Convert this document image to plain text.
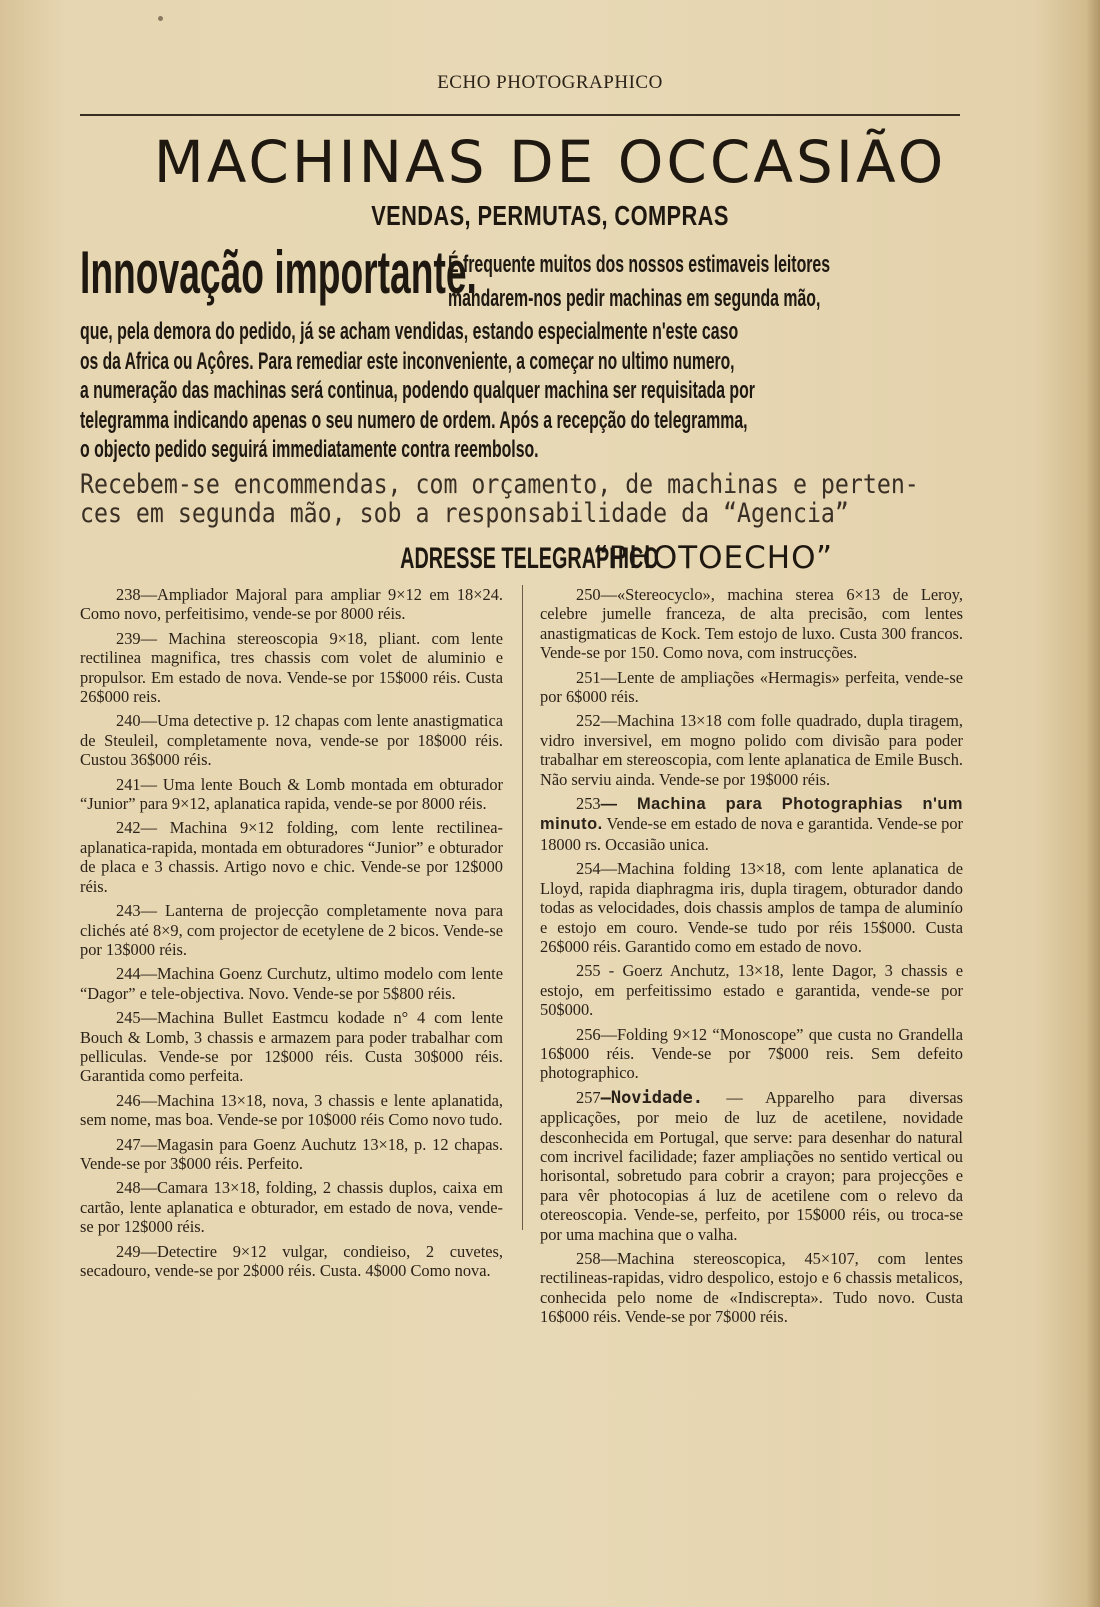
ECHO PHOTOGRAPHICO
MACHINAS DE OCCASIÃO
VENDAS, PERMUTAS, COMPRAS
Innovação importante.
É frequente muitos dos nossos estimaveis leitores
mandarem-nos pedir machinas em segunda mão,
que, pela demora do pedido, já se acham vendidas, estando especialmente n'este caso
os da Africa ou Açôres. Para remediar este inconveniente, a começar no ultimo numero,
a numeração das machinas será continua, podendo qualquer machina ser requisitada por
telegramma indicando apenas o seu numero de ordem. Após a recepção do telegramma,
o objecto pedido seguirá immediatamente contra reembolso.
Recebem-se encommendas, com orçamento, de machinas e perten-
ces em segunda mão, sob a responsabilidade da “Agencia”
ADRESSE TELEGRAPHICO “PHOTOECHO”
238—Ampliador Majoral para ampliar 9×12 em 18×24. Como novo, perfeitisimo, vende-se por 8000 réis.
239— Machina stereoscopia 9×18, pliant. com lente rectilinea magnifica, tres chassis com volet de aluminio e propulsor. Em estado de nova. Vende-se por 15$000 réis. Custa 26$000 reis.
240—Uma detective p. 12 chapas com lente anastigmatica de Steuleil, completamente nova, vende-se por 18$000 réis. Custou 36$000 réis.
241— Uma lente Bouch & Lomb montada em obturador “Junior” para 9×12, aplanatica rapida, vende-se por 8000 réis.
242— Machina 9×12 folding, com lente rectilinea-aplanatica-rapida, montada em obturadores “Junior” e obturador de placa e 3 chassis. Artigo novo e chic. Vende-se por 12$000 réis.
243— Lanterna de projecção completamente nova para clichés até 8×9, com projector de ecetylene de 2 bicos. Vende-se por 13$000 réis.
244—Machina Goenz Curchutz, ultimo modelo com lente “Dagor” e tele-objectiva. Novo. Vende-se por 5$800 réis.
245—Machina Bullet Eastmcu kodade n° 4 com lente Bouch & Lomb, 3 chassis e armazem para poder trabalhar com pelliculas. Vende-se por 12$000 réis. Custa 30$000 réis. Garantida como perfeita.
246—Machina 13×18, nova, 3 chassis e lente aplanatida, sem nome, mas boa. Vende-se por 10$000 réis Como novo tudo.
247—Magasin para Goenz Auchutz 13×18, p. 12 chapas. Vende-se por 3$000 réis. Perfeito.
248—Camara 13×18, folding, 2 chassis duplos, caixa em cartão, lente aplanatica e obturador, em estado de nova, vende-se por 12$000 réis.
249—Detectire 9×12 vulgar, condieiso, 2 cuvetes, secadouro, vende-se por 2$000 réis. Custa. 4$000 Como nova.
250—«Stereocyclo», machina sterea 6×13 de Leroy, celebre jumelle franceza, de alta precisão, com lentes anastigmaticas de Kock. Tem estojo de luxo. Custa 300 francos. Vende-se por 150. Como nova, com instrucções.
251—Lente de ampliações «Hermagis» perfeita, vende-se por 6$000 réis.
252—Machina 13×18 com folle quadrado, dupla tiragem, vidro inversivel, em mogno polido com divisão para poder trabalhar em stereoscopia, com lente aplanatica de Emile Busch. Não serviu ainda. Vende-se por 19$000 réis.
253— Machina para Photographias n'um minuto. Vende-se em estado de nova e garantida. Vende-se por 18000 rs. Occasião unica.
254—Machina folding 13×18, com lente aplanatica de Lloyd, rapida diaphragma iris, dupla tiragem, obturador dando todas as velocidades, dois chassis amplos de tampa de aluminío e estojo em couro. Vende-se tudo por réis 15$000. Custa 26$000 réis. Garantido como em estado de novo.
255 - Goerz Anchutz, 13×18, lente Dagor, 3 chassis e estojo, em perfeitissimo estado e garantida, vende-se por 50$000.
256—Folding 9×12 “Monoscope” que custa no Grandella 16$000 réis. Vende-se por 7$000 reis. Sem defeito photographico.
257—Novidade. — Apparelho para diversas applicações, por meio de luz de acetilene, novidade desconhecida em Portugal, que serve: para desenhar do natural com incrivel facilidade; fazer ampliações no sentido vertical ou horisontal, sobretudo para cobrir a crayon; para projecções e para vêr photocopias á luz de acetilene com o relevo da otereoscopia. Vende-se, perfeito, por 15$000 réis, ou troca-se por uma machina que o valha.
258—Machina stereoscopica, 45×107, com lentes rectilineas-rapidas, vidro despolico, estojo e 6 chassis metalicos, conhecida pelo nome de «Indiscrepta». Tudo novo. Custa 16$000 réis. Vende-se por 7$000 réis.
